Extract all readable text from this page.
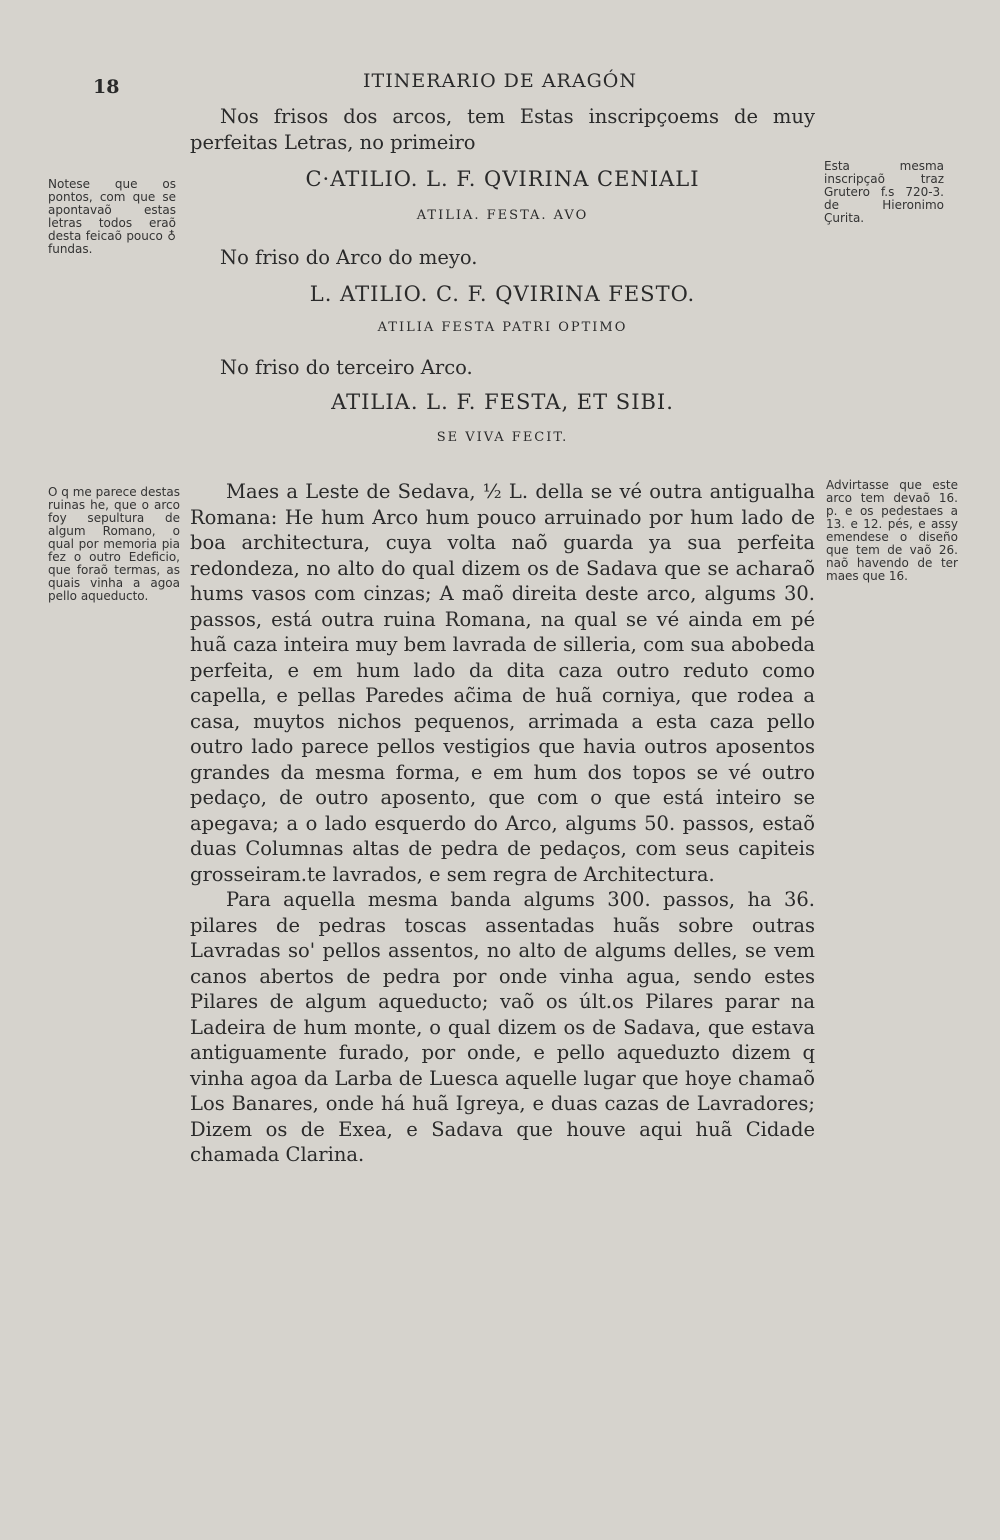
18	ITINERARIO DE ARAGÓN
Nos frisos dos arcos, tem Estas inscripçoems de muy perfeitas Letras, no primeiro
C·ATILIO. L. F. QVIRINA CENIALI
ATILIA. FESTA. AVO
No friso do Arco do meyo.
L. ATILIO. C. F. QVIRINA FESTO.
ATILIA FESTA PATRI OPTIMO
No friso do terceiro Arco.
ATILIA. L. F. FESTA, ET SIBI.
SE VIVA FECIT.

Maes a Leste de Sedava, ½ L. della se vé outra antigualha Romana: He hum Arco hum pouco arruinado por hum lado de boa architectura, cuya volta naõ guarda ya sua perfeita redondeza, no alto do qual dizem os de Sadava que se acharaõ hums vasos com cinzas; A maõ direita deste arco, algums 30. passos, está outra ruina Romana, na qual se vé ainda em pé huã caza inteira muy bem lavrada de silleria, com sua abobeda perfeita, e em hum lado da dita caza outro reduto como capella, e pellas Paredes ac̃ima de huã corniya, que rodea a casa, muytos nichos pequenos, arrimada a esta caza pello outro lado parece pellos vestigios que havia outros aposentos grandes da mesma forma, e em hum dos topos se vé outro pedaço, de outro aposento, que com o que está inteiro se apegava; a o lado esquerdo do Arco, algums 50. passos, estaõ duas Columnas altas de pedra de pedaços, com seus capiteis grosseiram.te lavrados, e sem regra de Architectura.

Para aquella mesma banda algums 300. passos, ha 36. pilares de pedras toscas assentadas huãs sobre outras Lavradas so' pellos assentos, no alto de algums delles, se vem canos abertos de pedra por onde vinha agua, sendo estes Pilares de algum aqueducto; vaõ os últ.os Pilares parar na Ladeira de hum monte, o qual dizem os de Sadava, que estava antiguamente furado, por onde, e pello aqueduzto dizem q vinha agoa da Larba de Luesca aquelle lugar que hoye chamaõ Los Banares, onde há huã Igreya, e duas cazas de Lavradores; Dizem os de Exea, e Sadava que houve aqui huã Cidade chamada Clarina.

Notese que os pontos, com que se apontavaõ estas letras todos eraõ desta feicaõ pouco ♁ fundas.

O q me parece destas ruinas he, que o arco foy sepultura de algum Romano, o qual por memoria pia fez o outro Edeficio, que foraõ termas, as quais vinha a agoa pello aqueducto.

Esta mesma inscripçaõ traz Grutero f.s 720-3. de Hieronimo Çurita.

Advirtasse que este arco tem devaõ 16. p. e os pedestaes a 13. e 12. pés, e assy emendese o diseño que tem de vaõ 26. naõ havendo de ter maes que 16.
